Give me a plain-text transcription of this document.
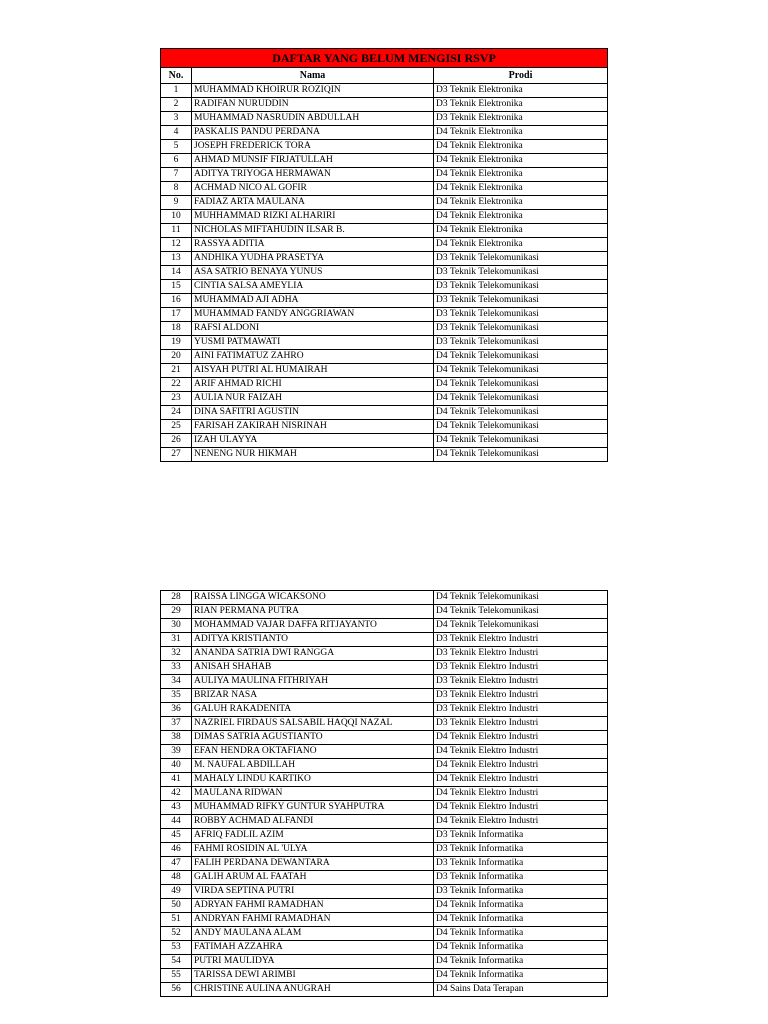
DAFTAR YANG BELUM MENGISI RSVP		
No.	Nama	Prodi
1	MUHAMMAD KHOIRUR ROZIQIN	D3 Teknik Elektronika
2	RADIFAN NURUDDIN	D3 Teknik Elektronika
3	MUHAMMAD NASRUDIN ABDULLAH	D3 Teknik Elektronika
4	PASKALIS PANDU PERDANA	D4 Teknik Elektronika
5	JOSEPH FREDERICK TORA	D4 Teknik Elektronika
6	AHMAD MUNSIF FIRJATULLAH	D4 Teknik Elektronika
7	ADITYA TRIYOGA HERMAWAN	D4 Teknik Elektronika
8	ACHMAD NICO AL GOFIR	D4 Teknik Elektronika
9	FADIAZ ARTA MAULANA	D4 Teknik Elektronika
10	MUHHAMMAD RIZKI ALHARIRI	D4 Teknik Elektronika
11	NICHOLAS MIFTAHUDIN ILSAR B.	D4 Teknik Elektronika
12	RASSYA ADITIA	D4 Teknik Elektronika
13	ANDHIKA YUDHA PRASETYA	D3 Teknik Telekomunikasi
14	ASA SATRIO BENAYA YUNUS	D3 Teknik Telekomunikasi
15	CINTIA SALSA AMEYLIA	D3 Teknik Telekomunikasi
16	MUHAMMAD AJI ADHA	D3 Teknik Telekomunikasi
17	MUHAMMAD FANDY ANGGRIAWAN	D3 Teknik Telekomunikasi
18	RAFSI ALDONI	D3 Teknik Telekomunikasi
19	YUSMI PATMAWATI	D3 Teknik Telekomunikasi
20	AINI FATIMATUZ ZAHRO	D4 Teknik Telekomunikasi
21	AISYAH PUTRI AL HUMAIRAH	D4 Teknik Telekomunikasi
22	ARIF AHMAD RICHI	D4 Teknik Telekomunikasi
23	AULIA NUR FAIZAH	D4 Teknik Telekomunikasi
24	DINA SAFITRI AGUSTIN	D4 Teknik Telekomunikasi
25	FARISAH ZAKIRAH NISRINAH	D4 Teknik Telekomunikasi
26	IZAH ULAYYA	D4 Teknik Telekomunikasi
27	NENENG NUR HIKMAH	D4 Teknik Telekomunikasi
28	RAISSA LINGGA WICAKSONO	D4 Teknik Telekomunikasi
29	RIAN PERMANA PUTRA	D4 Teknik Telekomunikasi
30	MOHAMMAD VAJAR DAFFA RITJAYANTO	D4 Teknik Telekomunikasi
31	ADITYA KRISTIANTO	D3 Teknik Elektro Industri
32	ANANDA SATRIA DWI RANGGA	D3 Teknik Elektro Industri
33	ANISAH SHAHAB	D3 Teknik Elektro Industri
34	AULIYA MAULINA FITHRIYAH	D3 Teknik Elektro Industri
35	BRIZAR NASA	D3 Teknik Elektro Industri
36	GALUH RAKADENITA	D3 Teknik Elektro Industri
37	NAZRIEL FIRDAUS SALSABIL HAQQI NAZAL	D3 Teknik Elektro Industri
38	DIMAS SATRIA AGUSTIANTO	D4 Teknik Elektro Industri
39	EFAN HENDRA OKTAFIANO	D4 Teknik Elektro Industri
40	M. NAUFAL ABDILLAH	D4 Teknik Elektro Industri
41	MAHALY LINDU KARTIKO	D4 Teknik Elektro Industri
42	MAULANA RIDWAN	D4 Teknik Elektro Industri
43	MUHAMMAD RIFKY GUNTUR SYAHPUTRA	D4 Teknik Elektro Industri
44	ROBBY ACHMAD ALFANDI	D4 Teknik Elektro Industri
45	AFRIQ FADLIL AZIM	D3 Teknik Informatika
46	FAHMI ROSIDIN AL 'ULYA	D3 Teknik Informatika
47	FALIH PERDANA DEWANTARA	D3 Teknik Informatika
48	GALIH ARUM AL FAATAH	D3 Teknik Informatika
49	VIRDA SEPTINA PUTRI	D3 Teknik Informatika
50	ADRYAN FAHMI RAMADHAN	D4 Teknik Informatika
51	ANDRYAN FAHMI RAMADHAN	D4 Teknik Informatika
52	ANDY MAULANA ALAM	D4 Teknik Informatika
53	FATIMAH AZZAHRA	D4 Teknik Informatika
54	PUTRI MAULIDYA	D4 Teknik Informatika
55	TARISSA DEWI ARIMBI	D4 Teknik Informatika
56	CHRISTINE AULINA ANUGRAH	D4 Sains Data Terapan
